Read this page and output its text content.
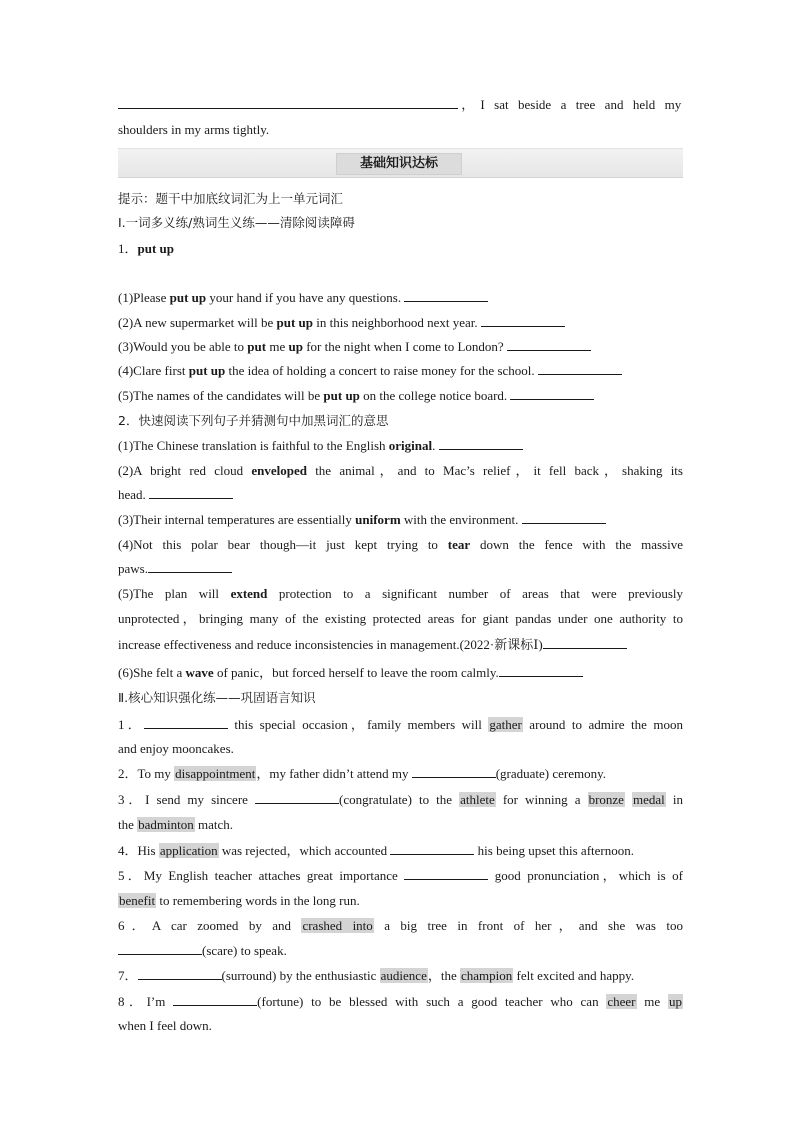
，I sat beside a tree and held my
shoulders in my arms tightly.
基础知识达标
提示：题干中加底纹词汇为上一单元词汇
Ⅰ.一词多义练/熟词生义练——清除阅读障碍
1．put up
(1)Please put up your hand if you have any questions.
(2)A new supermarket will be put up in this neighborhood next year.
(3)Would you be able to put me up for the night when I come to London?
(4)Clare first put up the idea of holding a concert to raise money for the school.
(5)The names of the candidates will be put up on the college notice board.
2．快速阅读下列句子并猜测句中加黑词汇的意思
(1)The Chinese translation is faithful to the English original.
(2)A bright red cloud enveloped the animal，and to Mac’s relief，it fell back，shaking its
head.
(3)Their internal temperatures are essentially uniform with the environment.
(4)Not this polar bear though—it just kept trying to tear down the fence with the massive
paws.
(5)The plan will extend protection to a significant number of areas that were previously
unprotected，bringing many of the existing protected areas for giant pandas under one authority to
increase effectiveness and reduce inconsistencies in management.(2022·新课标Ⅰ)
(6)She felt a wave of panic，but forced herself to leave the room calmly.
Ⅱ.核心知识强化练——巩固语言知识
1．	this special occasion，family members will gather around to admire the moon
and enjoy mooncakes.
2．To my disappointment，my father didn’t attend my	(graduate) ceremony.
3．I send my sincere	(congratulate) to the athlete for winning a bronze medal in
the badminton match.
4．His application was rejected，which accounted	his being upset this afternoon.
5．My English teacher attaches great importance	good pronunciation，which is of
benefit to remembering words in the long run.
6．A car zoomed by and crashed into a big tree in front of her，and she was too
(scare) to speak.
7．	(surround) by the enthusiastic audience，the champion felt excited and happy.
8．I’m	(fortune) to be blessed with such a good teacher who can cheer me up
when I feel down.
